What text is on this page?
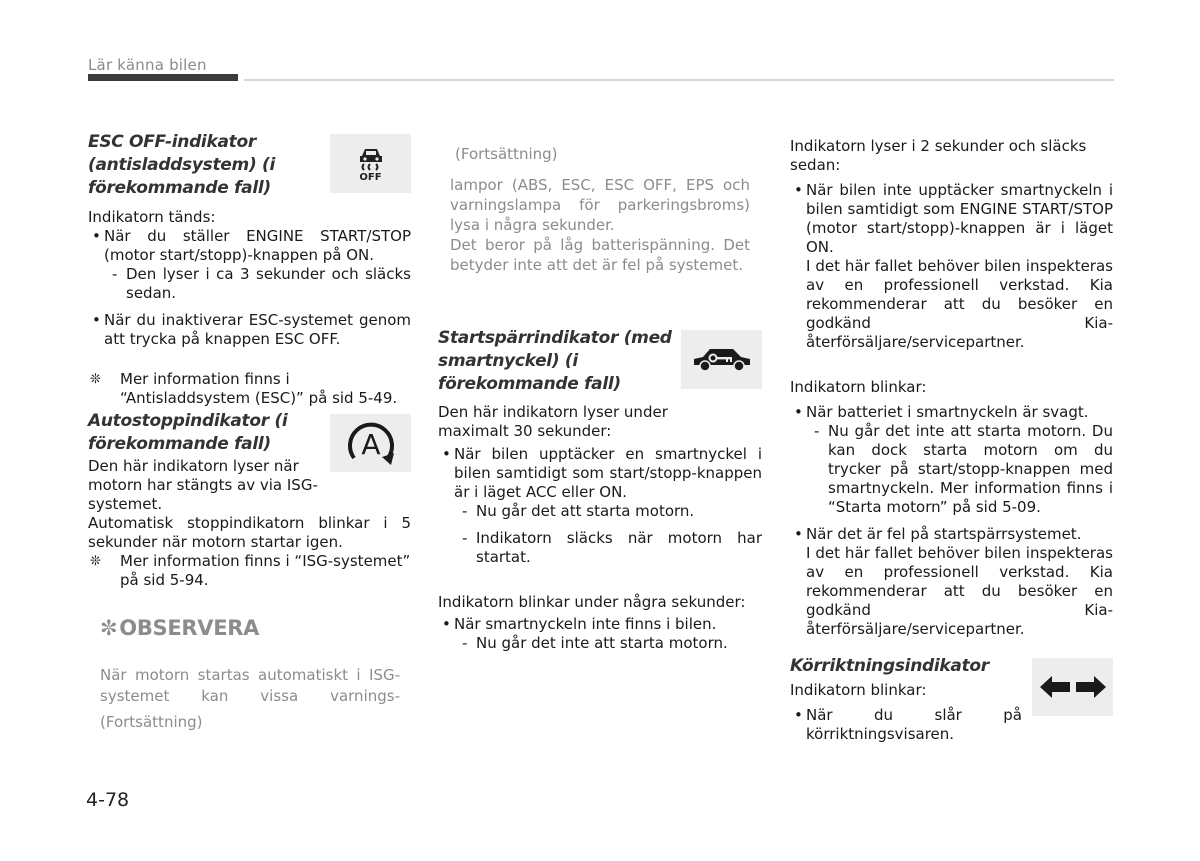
Lär känna bilen
ESC OFF-indikator
(antisladdsystem) (i
förekommande fall)
OFF

Indikatorn tänds:

• När du ställer ENGINE START/STOP (motor start/stopp)-knappen på ON.

- Den lyser i ca 3 sekunder och släcks sedan.

• När du inaktiverar ESC-systemet genom att trycka på knappen ESC OFF.

❊ Mer information finns i “Antisladdsystem (ESC)” på sid 5-49.

Autostoppindikator (i
förekommande fall)	A

Den här indikatorn lyser när motorn har stängts av via ISG-systemet.

Automatisk stoppindikatorn blinkar i 5 sekunder när motorn startar igen.

❊ Mer information finns i “ISG-systemet” på sid 5-94.

✼OBSERVERA

När motorn startas automatiskt i ISG-systemet kan vissa varnings-

(Fortsättning)

(Fortsättning)

lampor (ABS, ESC, ESC OFF, EPS och varningslampa för parkeringsbroms) lysa i några sekunder.

Det beror på låg batterispänning. Det betyder inte att det är fel på systemet.

Startspärrindikator (med
smartnyckel) (i
förekommande fall)

Den här indikatorn lyser under maximalt 30 sekunder:

• När bilen upptäcker en smartnyckel i bilen samtidigt som start/stopp-knappen är i läget ACC eller ON.

- Nu går det att starta motorn.

- Indikatorn släcks när motorn har startat.

Indikatorn blinkar under några sekunder:

• När smartnyckeln inte finns i bilen.

- Nu går det inte att starta motorn.

Indikatorn lyser i 2 sekunder och släcks sedan:

• När bilen inte upptäcker smartnyckeln i bilen samtidigt som ENGINE START/STOP (motor start/stopp)-knappen är i läget ON.

I det här fallet behöver bilen inspekteras av en professionell verkstad. Kia rekommenderar att du besöker en godkänd Kia-återförsäljare/servicepartner.

Indikatorn blinkar:

• När batteriet i smartnyckeln är svagt.

- Nu går det inte att starta motorn. Du kan dock starta motorn om du trycker på start/stopp-knappen med smartnyckeln. Mer information finns i “Starta motorn” på sid 5-09.

• När det är fel på startspärrsystemet.

I det här fallet behöver bilen inspekteras av en professionell verkstad. Kia rekommenderar att du besöker en godkänd Kia-återförsäljare/servicepartner.

Körriktningsindikator

Indikatorn blinkar:

• När du slår på körriktningsvisaren.

4-78
